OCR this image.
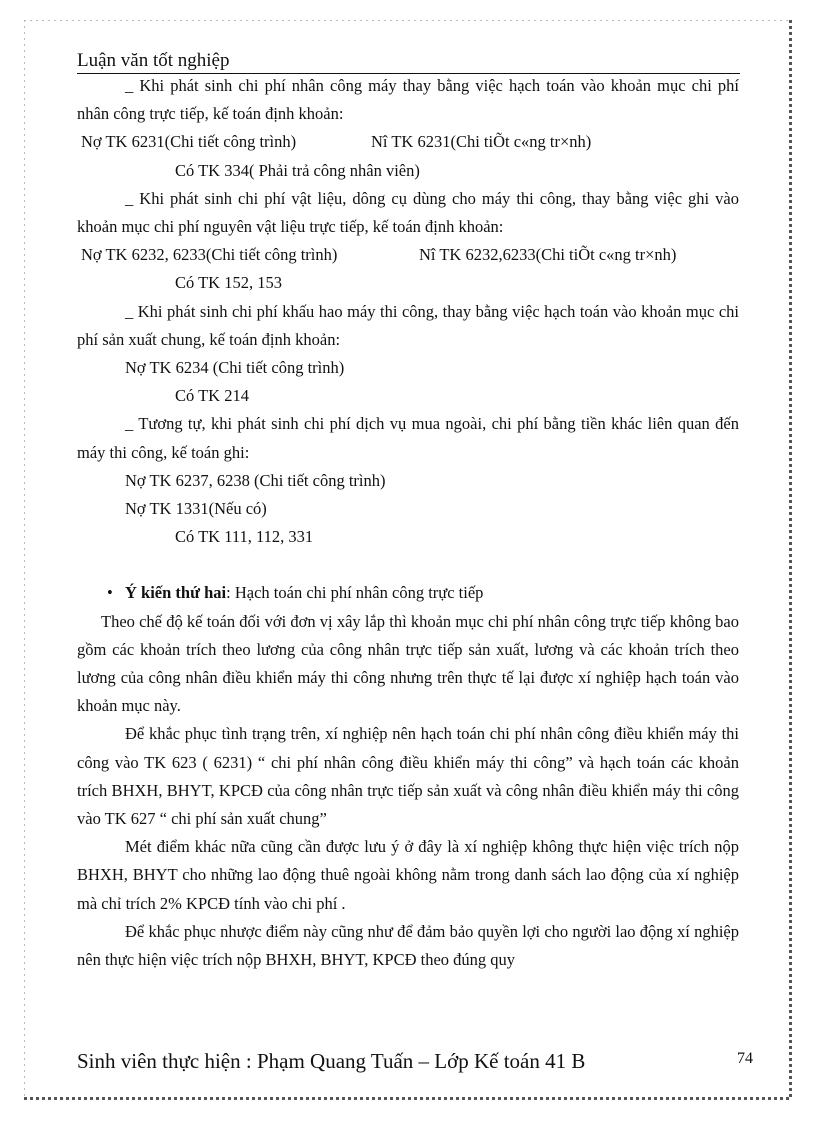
Luận văn tốt nghiệp

_ Khi phát sinh chi phí nhân công máy thay bằng việc hạch toán vào khoản mục chi phí nhân công trực tiếp, kế toán định khoản:

Nợ TK 6231(Chi tiết công trình)	Nî TK 6231(Chi tiÕt c«ng tr×nh)

Có TK 334( Phải trả công nhân viên)

_ Khi phát sinh chi phí vật liệu, dông cụ dùng cho máy thi công, thay bằng việc ghi vào khoản mục chi phí nguyên vật liệu trực tiếp, kế toán định khoản:

Nợ TK 6232, 6233(Chi tiết công trình)	Nî TK 6232,6233(Chi tiÕt c«ng tr×nh)

Có TK 152, 153

_ Khi phát sinh chi phí khấu hao máy thi công, thay bằng việc hạch toán vào khoản mục chi phí sản xuất chung, kế toán định khoản:

Nợ TK 6234 (Chi tiết công trình)

Có TK 214

_ Tương tự, khi phát sinh chi phí dịch vụ mua ngoài, chi phí bằng tiền khác liên quan đến máy thi công, kế toán ghi:

Nợ TK 6237, 6238 (Chi tiết công trình)

Nợ TK 1331(Nếu có)

Có TK 111, 112, 331

• Ý kiến thứ hai: Hạch toán chi phí nhân công trực tiếp

Theo chế độ kế toán đối với đơn vị xây lắp thì khoản mục chi phí nhân công trực tiếp không bao gồm các khoản trích theo lương của công nhân trực tiếp sản xuất, lương và các khoản trích theo lương của công nhân điều khiển máy thi công nhưng trên thực tế lại được xí nghiệp hạch toán vào khoản mục này.

Để khắc phục tình trạng trên, xí nghiệp nên hạch toán chi phí nhân công điều khiển máy thi công vào TK 623 ( 6231) “ chi phí nhân công điều khiển máy thi công” và hạch toán các khoản trích BHXH, BHYT, KPCĐ của công nhân trực tiếp sản xuất và công nhân điều khiển máy thi công vào TK 627 “ chi phí sản xuất chung”

Mét điểm khác nữa cũng cần được lưu ý ở đây là xí nghiệp không thực hiện việc trích nộp BHXH, BHYT cho những lao động thuê ngoài không nằm trong danh sách lao động của xí nghiệp mà chỉ trích 2% KPCĐ tính vào chi phí .

Để khắc phục nhược điểm này cũng như để đảm bảo quyền lợi cho người lao động xí nghiệp nên thực hiện việc trích nộp BHXH, BHYT, KPCĐ theo đúng quy

Sinh viên thực hiện : Phạm Quang Tuấn – Lớp Kế toán 41 B	74
